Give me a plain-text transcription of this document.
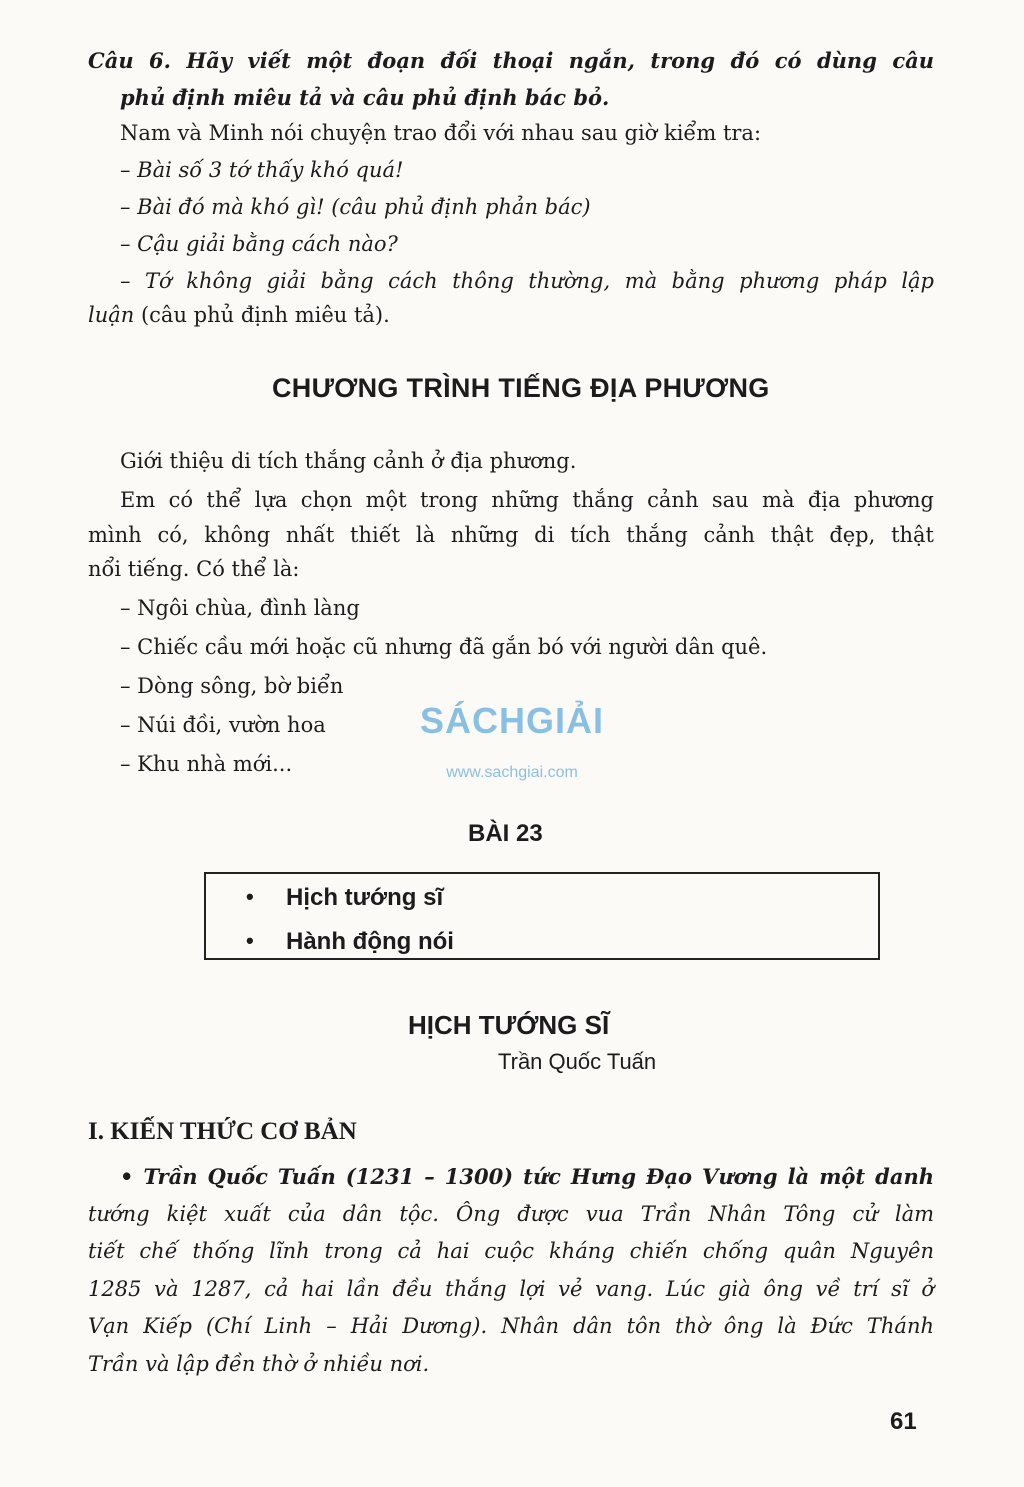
Câu 6. Hãy viết một đoạn đối thoại ngắn, trong đó có dùng câu
phủ định miêu tả và câu phủ định bác bỏ.
Nam và Minh nói chuyện trao đổi với nhau sau giờ kiểm tra:
– Bài số 3 tớ thấy khó quá!
– Bài đó mà khó gì! (câu phủ định phản bác)
– Cậu giải bằng cách nào?
– Tớ không giải bằng cách thông thường, mà bằng phương pháp lập
luận (câu phủ định miêu tả).
CHƯƠNG TRÌNH TIẾNG ĐỊA PHƯƠNG
Giới thiệu di tích thắng cảnh ở địa phương.
Em có thể lựa chọn một trong những thắng cảnh sau mà địa phương
mình có, không nhất thiết là những di tích thắng cảnh thật đẹp, thật
nổi tiếng. Có thể là:
– Ngôi chùa, đình làng
– Chiếc cầu mới hoặc cũ nhưng đã gắn bó với người dân quê.
– Dòng sông, bờ biển
– Núi đồi, vườn hoa
– Khu nhà mới...
SÁCHGIẢI
www.sachgiai.com
BÀI 23
• Hịch tướng sĩ
• Hành động nói
HỊCH TƯỚNG SĨ
Trần Quốc Tuấn
I. KIẾN THỨC CƠ BẢN
• Trần Quốc Tuấn (1231 – 1300) tức Hưng Đạo Vương là một danh
tướng kiệt xuất của dân tộc. Ông được vua Trần Nhân Tông cử làm
tiết chế thống lĩnh trong cả hai cuộc kháng chiến chống quân Nguyên
1285 và 1287, cả hai lần đều thắng lợi vẻ vang. Lúc già ông về trí sĩ ở
Vạn Kiếp (Chí Linh – Hải Dương). Nhân dân tôn thờ ông là Đức Thánh
Trần và lập đền thờ ở nhiều nơi.
61
